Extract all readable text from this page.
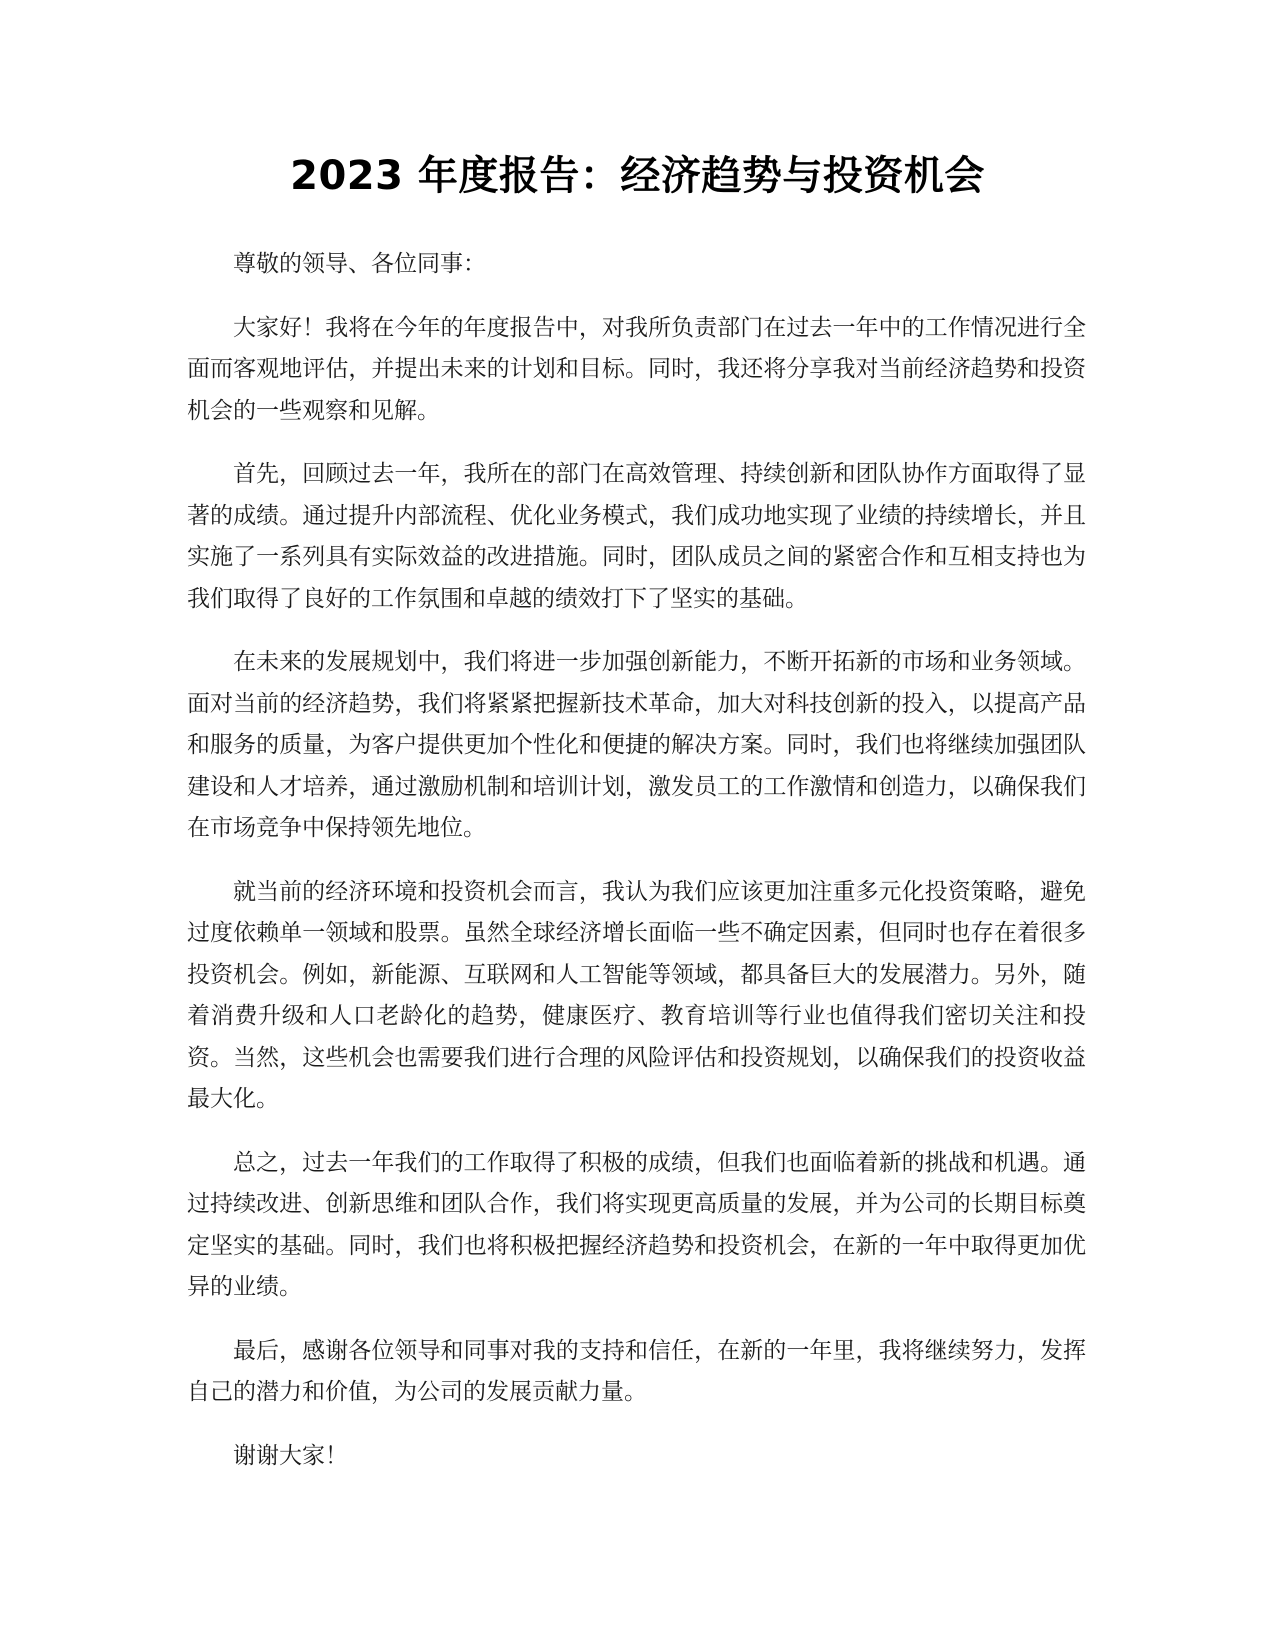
2023 年度报告：经济趋势与投资机会

尊敬的领导、各位同事：

大家好！我将在今年的年度报告中，对我所负责部门在过去一年中的工作情况进行全面而客观地评估，并提出未来的计划和目标。同时，我还将分享我对当前经济趋势和投资机会的一些观察和见解。

首先，回顾过去一年，我所在的部门在高效管理、持续创新和团队协作方面取得了显著的成绩。通过提升内部流程、优化业务模式，我们成功地实现了业绩的持续增长，并且实施了一系列具有实际效益的改进措施。同时，团队成员之间的紧密合作和互相支持也为我们取得了良好的工作氛围和卓越的绩效打下了坚实的基础。

在未来的发展规划中，我们将进一步加强创新能力，不断开拓新的市场和业务领域。面对当前的经济趋势，我们将紧紧把握新技术革命，加大对科技创新的投入，以提高产品和服务的质量，为客户提供更加个性化和便捷的解决方案。同时，我们也将继续加强团队建设和人才培养，通过激励机制和培训计划，激发员工的工作激情和创造力，以确保我们在市场竞争中保持领先地位。

就当前的经济环境和投资机会而言，我认为我们应该更加注重多元化投资策略，避免过度依赖单一领域和股票。虽然全球经济增长面临一些不确定因素，但同时也存在着很多投资机会。例如，新能源、互联网和人工智能等领域，都具备巨大的发展潜力。另外，随着消费升级和人口老龄化的趋势，健康医疗、教育培训等行业也值得我们密切关注和投资。当然，这些机会也需要我们进行合理的风险评估和投资规划，以确保我们的投资收益最大化。

总之，过去一年我们的工作取得了积极的成绩，但我们也面临着新的挑战和机遇。通过持续改进、创新思维和团队合作，我们将实现更高质量的发展，并为公司的长期目标奠定坚实的基础。同时，我们也将积极把握经济趋势和投资机会，在新的一年中取得更加优异的业绩。

最后，感谢各位领导和同事对我的支持和信任，在新的一年里，我将继续努力，发挥自己的潜力和价值，为公司的发展贡献力量。

谢谢大家！
